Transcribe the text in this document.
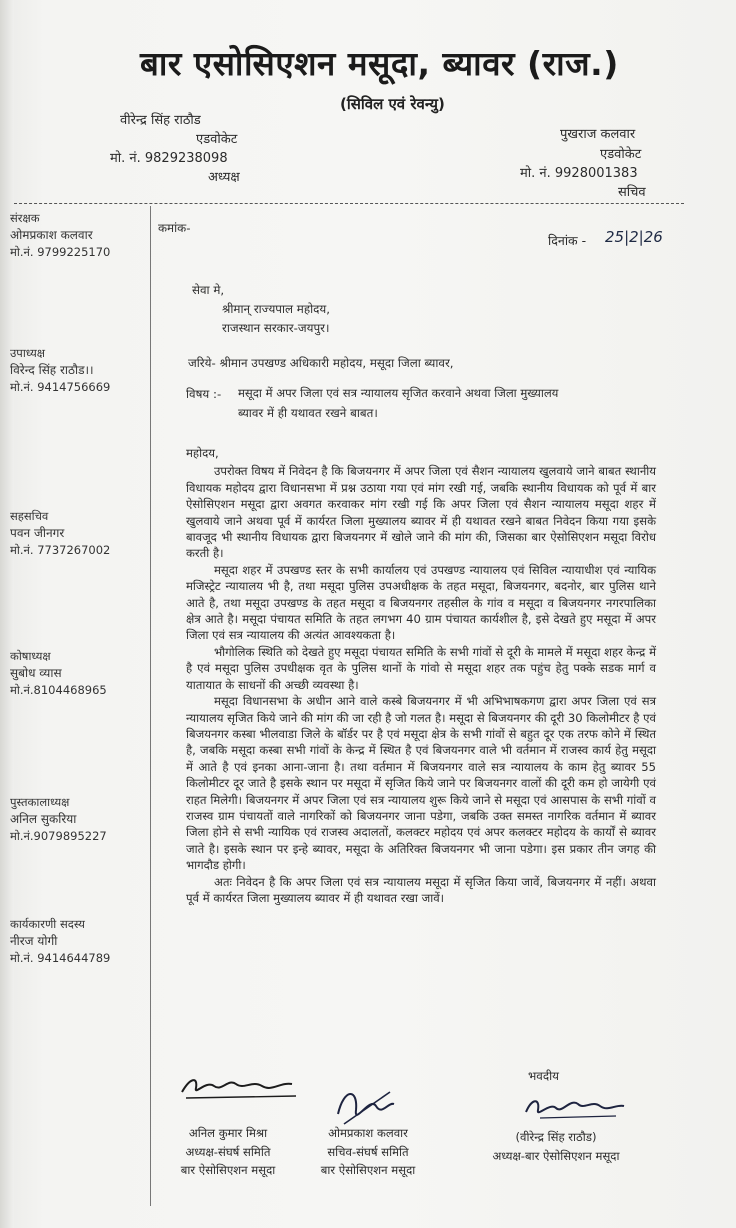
बार एसोसिएशन मसूदा, ब्यावर (राज.)
(सिविल एवं रेवन्यु)
वीरेन्द्र सिंह राठौड
एडवोकेट
मो. नं. 9829238098
अध्यक्ष
पुखराज कलवार
एडवोकेट
मो. नं. 9928001383
सचिव
संरक्षक
ओमप्रकाश कलवार
मो.नं. 9799225170
उपाध्यक्ष
विरेन्द सिंह राठौड।।
मो.नं. 9414756669
सहसचिव
पवन जीनगर
मो.नं. 7737267002
कोषाध्यक्ष
सुबोध व्यास
मो.नं.8104468965
पुस्तकालाध्यक्ष
अनिल सुकरिया
मो.नं.9079895227
कार्यकारणी सदस्य
नीरज योगी
मो.नं. 9414644789
कमांक-
दिनांक - 25|2|26
सेवा मे,
श्रीमान् राज्यपाल महोदय,
राजस्थान सरकार-जयपुर।
जरिये- श्रीमान उपखण्ड अधिकारी महोदय, मसूदा जिला ब्यावर,
विषय :- मसूदा में अपर जिला एवं सत्र न्यायालय सृजित करवाने अथवा जिला मुख्यालय
ब्यावर में ही यथावत रखने बाबत।
महोदय,

उपरोक्त विषय में निवेदन है कि बिजयनगर में अपर जिला एवं सैशन न्यायालय खुलवाये जाने बाबत स्थानीय विधायक महोदय द्वारा विधानसभा में प्रश्न उठाया गया एवं मांग रखी गई, जबकि स्थानीय विधायक को पूर्व में बार ऐसोसिएशन मसूदा द्वारा अवगत करवाकर मांग रखी गई कि अपर जिला एवं सैशन न्यायालय मसूदा शहर में खुलवाये जाने अथवा पूर्व में कार्यरत जिला मुख्यालय ब्यावर में ही यथावत रखने बाबत निवेदन किया गया इसके बावजूद भी स्थानीय विधायक द्वारा बिजयनगर में खोले जाने की मांग की, जिसका बार ऐसोसिएशन मसूदा विरोध करती है।

मसूदा शहर में उपखण्ड स्तर के सभी कार्यालय एवं उपखण्ड न्यायालय एवं सिविल न्यायाधीश एवं न्यायिक मजिस्ट्रेट न्यायालय भी है, तथा मसूदा पुलिस उपअधीक्षक के तहत मसूदा, बिजयनगर, बदनोर, बार पुलिस थाने आते है, तथा मसूदा उपखण्ड के तहत मसूदा व बिजयनगर तहसील के गांव व मसूदा व बिजयनगर नगरपालिका क्षेत्र आते है। मसूदा पंचायत समिति के तहत लगभग 40 ग्राम पंचायत कार्यशील है, इसे देखते हुए मसूदा में अपर जिला एवं सत्र न्यायालय की अत्यंत आवश्यकता है।

भौगोलिक स्थिति को देखते हुए मसूदा पंचायत समिति के सभी गांवों से दूरी के मामले में मसूदा शहर केन्द्र में है एवं मसूदा पुलिस उपधीक्षक वृत के पुलिस थानों के गांवो से मसूदा शहर तक पहुंच हेतु पक्के सडक मार्ग व यातायात के साधनों की अच्छी व्यवस्था है।

मसूदा विधानसभा के अधीन आने वाले कस्बे बिजयनगर में भी अभिभाषकगण द्वारा अपर जिला एवं सत्र न्यायालय सृजित किये जाने की मांग की जा रही है जो गलत है। मसूदा से बिजयनगर की दूरी 30 किलोमीटर है एवं बिजयनगर कस्बा भीलवाडा जिले के बॉर्डर पर है एवं मसूदा क्षेत्र के सभी गांवों से बहुत दूर एक तरफ कोने में स्थित है, जबकि मसूदा कस्बा सभी गांवों के केन्द्र में स्थित है एवं बिजयनगर वाले भी वर्तमान में राजस्व कार्य हेतु मसूदा में आते है एवं इनका आना-जाना है। तथा वर्तमान में बिजयनगर वाले सत्र न्यायालय के काम हेतु ब्यावर 55 किलोमीटर दूर जाते है इसके स्थान पर मसूदा में सृजित किये जाने पर बिजयनगर वालों की दूरी कम हो जायेगी एवं राहत मिलेगी। बिजयनगर में अपर जिला एवं सत्र न्यायालय शुरू किये जाने से मसूदा एवं आसपास के सभी गांवों व राजस्व ग्राम पंचायतों वाले नागरिकों को बिजयनगर जाना पडेगा, जबकि उक्त समस्त नागरिक वर्तमान में ब्यावर जिला होने से सभी न्यायिक एवं राजस्व अदालतों, कलक्टर महोदय एवं अपर कलक्टर महोदय के कार्यों से ब्यावर जाते है। इसके स्थान पर इन्हे ब्यावर, मसूदा के अतिरिक्त बिजयनगर भी जाना पडेगा। इस प्रकार तीन जगह की भागदौड होगी।

अतः निवेदन है कि अपर जिला एवं सत्र न्यायालय मसूदा में सृजित किया जावें, बिजयनगर में नहीं। अथवा पूर्व में कार्यरत जिला मुख्यालय ब्यावर में ही यथावत रखा जावें।

भवदीय
अनिल कुमार मिश्रा
अध्यक्ष-संघर्ष समिति
बार ऐसोसिएशन मसूदा
ओमप्रकाश कलवार
सचिव-संघर्ष समिति
बार ऐसोसिएशन मसूदा
(वीरेन्द्र सिंह राठौड)
अध्यक्ष-बार ऐसोसिएशन मसूदा
